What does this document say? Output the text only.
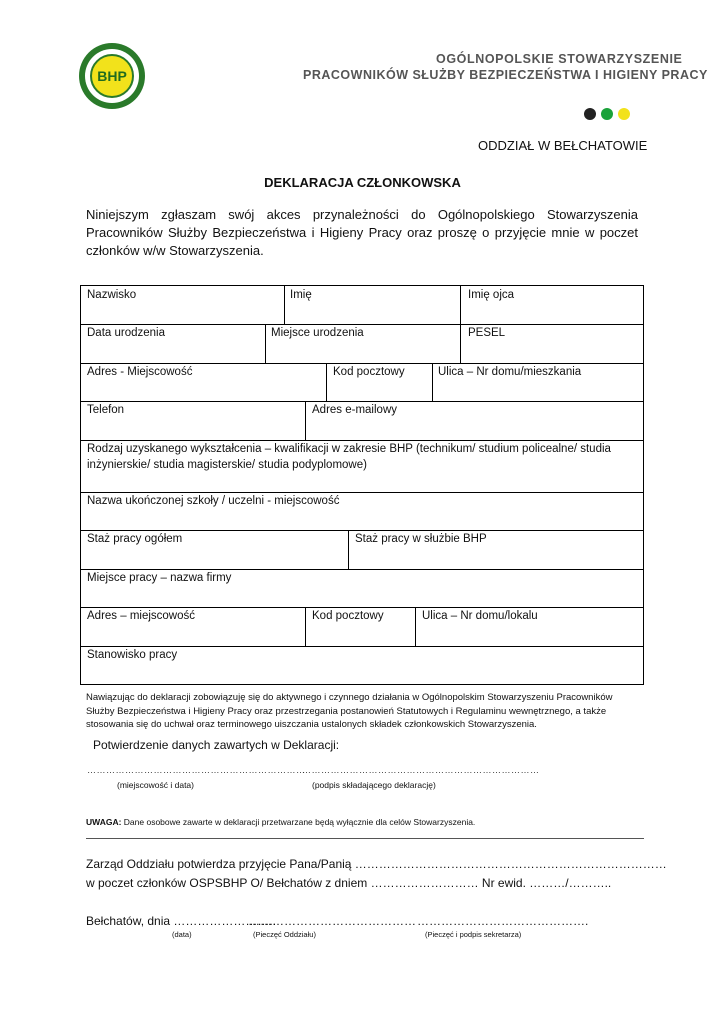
BHP
OGÓLNOPOLSKIE STOWARZYSZENIE
PRACOWNIKÓW SŁUŻBY BEZPIECZEŃSTWA I HIGIENY PRACY
ODDZIAŁ W BEŁCHATOWIE
DEKLARACJA CZŁONKOWSKA
Niniejszym zgłaszam swój akces przynależności do Ogólnopolskiego Stowarzyszenia Pracowników Służby Bezpieczeństwa i Higieny Pracy oraz proszę o przyjęcie mnie w poczet członków w/w Stowarzyszenia.
Nazwisko	Imię	Imię ojca
Data urodzenia	Miejsce urodzenia	PESEL
Adres - Miejscowość	Kod pocztowy	Ulica – Nr domu/mieszkania
Telefon	Adres e-mailowy
Rodzaj uzyskanego wykształcenia – kwalifikacji w zakresie BHP (technikum/ studium policealne/ studia inżynierskie/ studia magisterskie/ studia podyplomowe)
Nazwa ukończonej szkoły / uczelni - miejscowość
Staż pracy ogółem	Staż pracy w służbie BHP
Miejsce pracy – nazwa firmy
Adres – miejscowość	Kod pocztowy	Ulica – Nr domu/lokalu
Stanowisko pracy
Nawiązując do deklaracji zobowiązuję się do aktywnego i czynnego działania w Ogólnopolskim Stowarzyszeniu Pracowników Służby Bezpieczeństwa i Higieny Pracy oraz przestrzegania postanowień Statutowych i Regulaminu wewnętrznego, a także stosowania się do uchwał oraz terminowego uiszczania ustalonych składek członkowskich Stowarzyszenia.
Potwierdzenie danych zawartych w Deklaracji:
……………………………………………………………
…………………………………………………………………
(miejscowość i data)	(podpis składającego deklarację)
UWAGA: Dane osobowe zawarte w deklaracji przetwarzane będą wyłącznie dla celów Stowarzyszenia.
Zarząd Oddziału potwierdza przyjęcie Pana/Panią ……………………………………………………………………
w poczet członków OSPSBHP O/ Bełchatów z dniem ……………………… Nr ewid. ………/………..
Bełchatów, dnia ……………………..
…………………………………… …………………………………….
(data)	(Pieczęć Oddziału)	(Pieczęć i podpis sekretarza)
